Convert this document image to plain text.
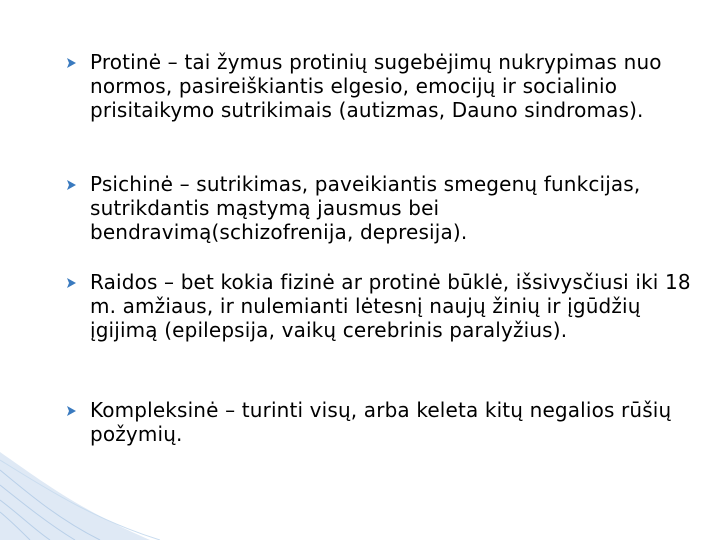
Protinė – tai žymus protinių sugebėjimų nukrypimas nuo normos, pasireiškiantis elgesio, emocijų ir socialinio prisitaikymo sutrikimais (autizmas, Dauno sindromas).
Psichinė – sutrikimas, paveikiantis smegenų funkcijas, sutrikdantis mąstymą jausmus bei bendravimą(schizofrenija, depresija).
Raidos – bet kokia fizinė ar protinė būklė, išsivysčiusi iki 18 m. amžiaus, ir nulemianti lėtesnį naujų žinių ir įgūdžių įgijimą (epilepsija, vaikų cerebrinis paralyžius).
Kompleksinė – turinti visų, arba keleta kitų negalios rūšių požymių.
